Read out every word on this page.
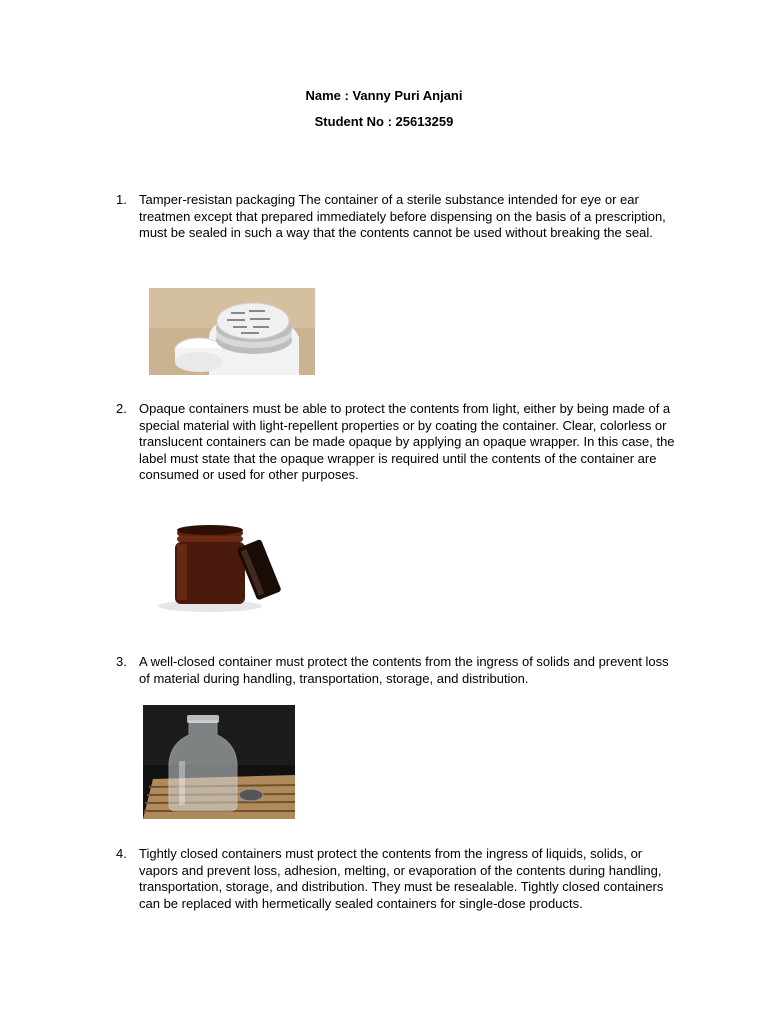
Name : Vanny Puri Anjani
Student No : 25613259
1. Tamper-resistan packaging The container of a sterile substance intended for eye or ear treatmen except that prepared immediately before dispensing on the basis of a prescription, must be sealed in such a way that the contents cannot be used without breaking the seal.
2. Opaque containers must be able to protect the contents from light, either by being made of a special material with light-repellent properties or by coating the container. Clear, colorless or translucent containers can be made opaque by applying an opaque wrapper. In this case, the label must state that the opaque wrapper is required until the contents of the container are consumed or used for other purposes.
3. A well-closed container must protect the contents from the ingress of solids and prevent loss of material during handling, transportation, storage, and distribution.
4. Tightly closed containers must protect the contents from the ingress of liquids, solids, or vapors and prevent loss, adhesion, melting, or evaporation of the contents during handling, transportation, storage, and distribution. They must be resealable. Tightly closed containers can be replaced with hermetically sealed containers for single-dose products.
